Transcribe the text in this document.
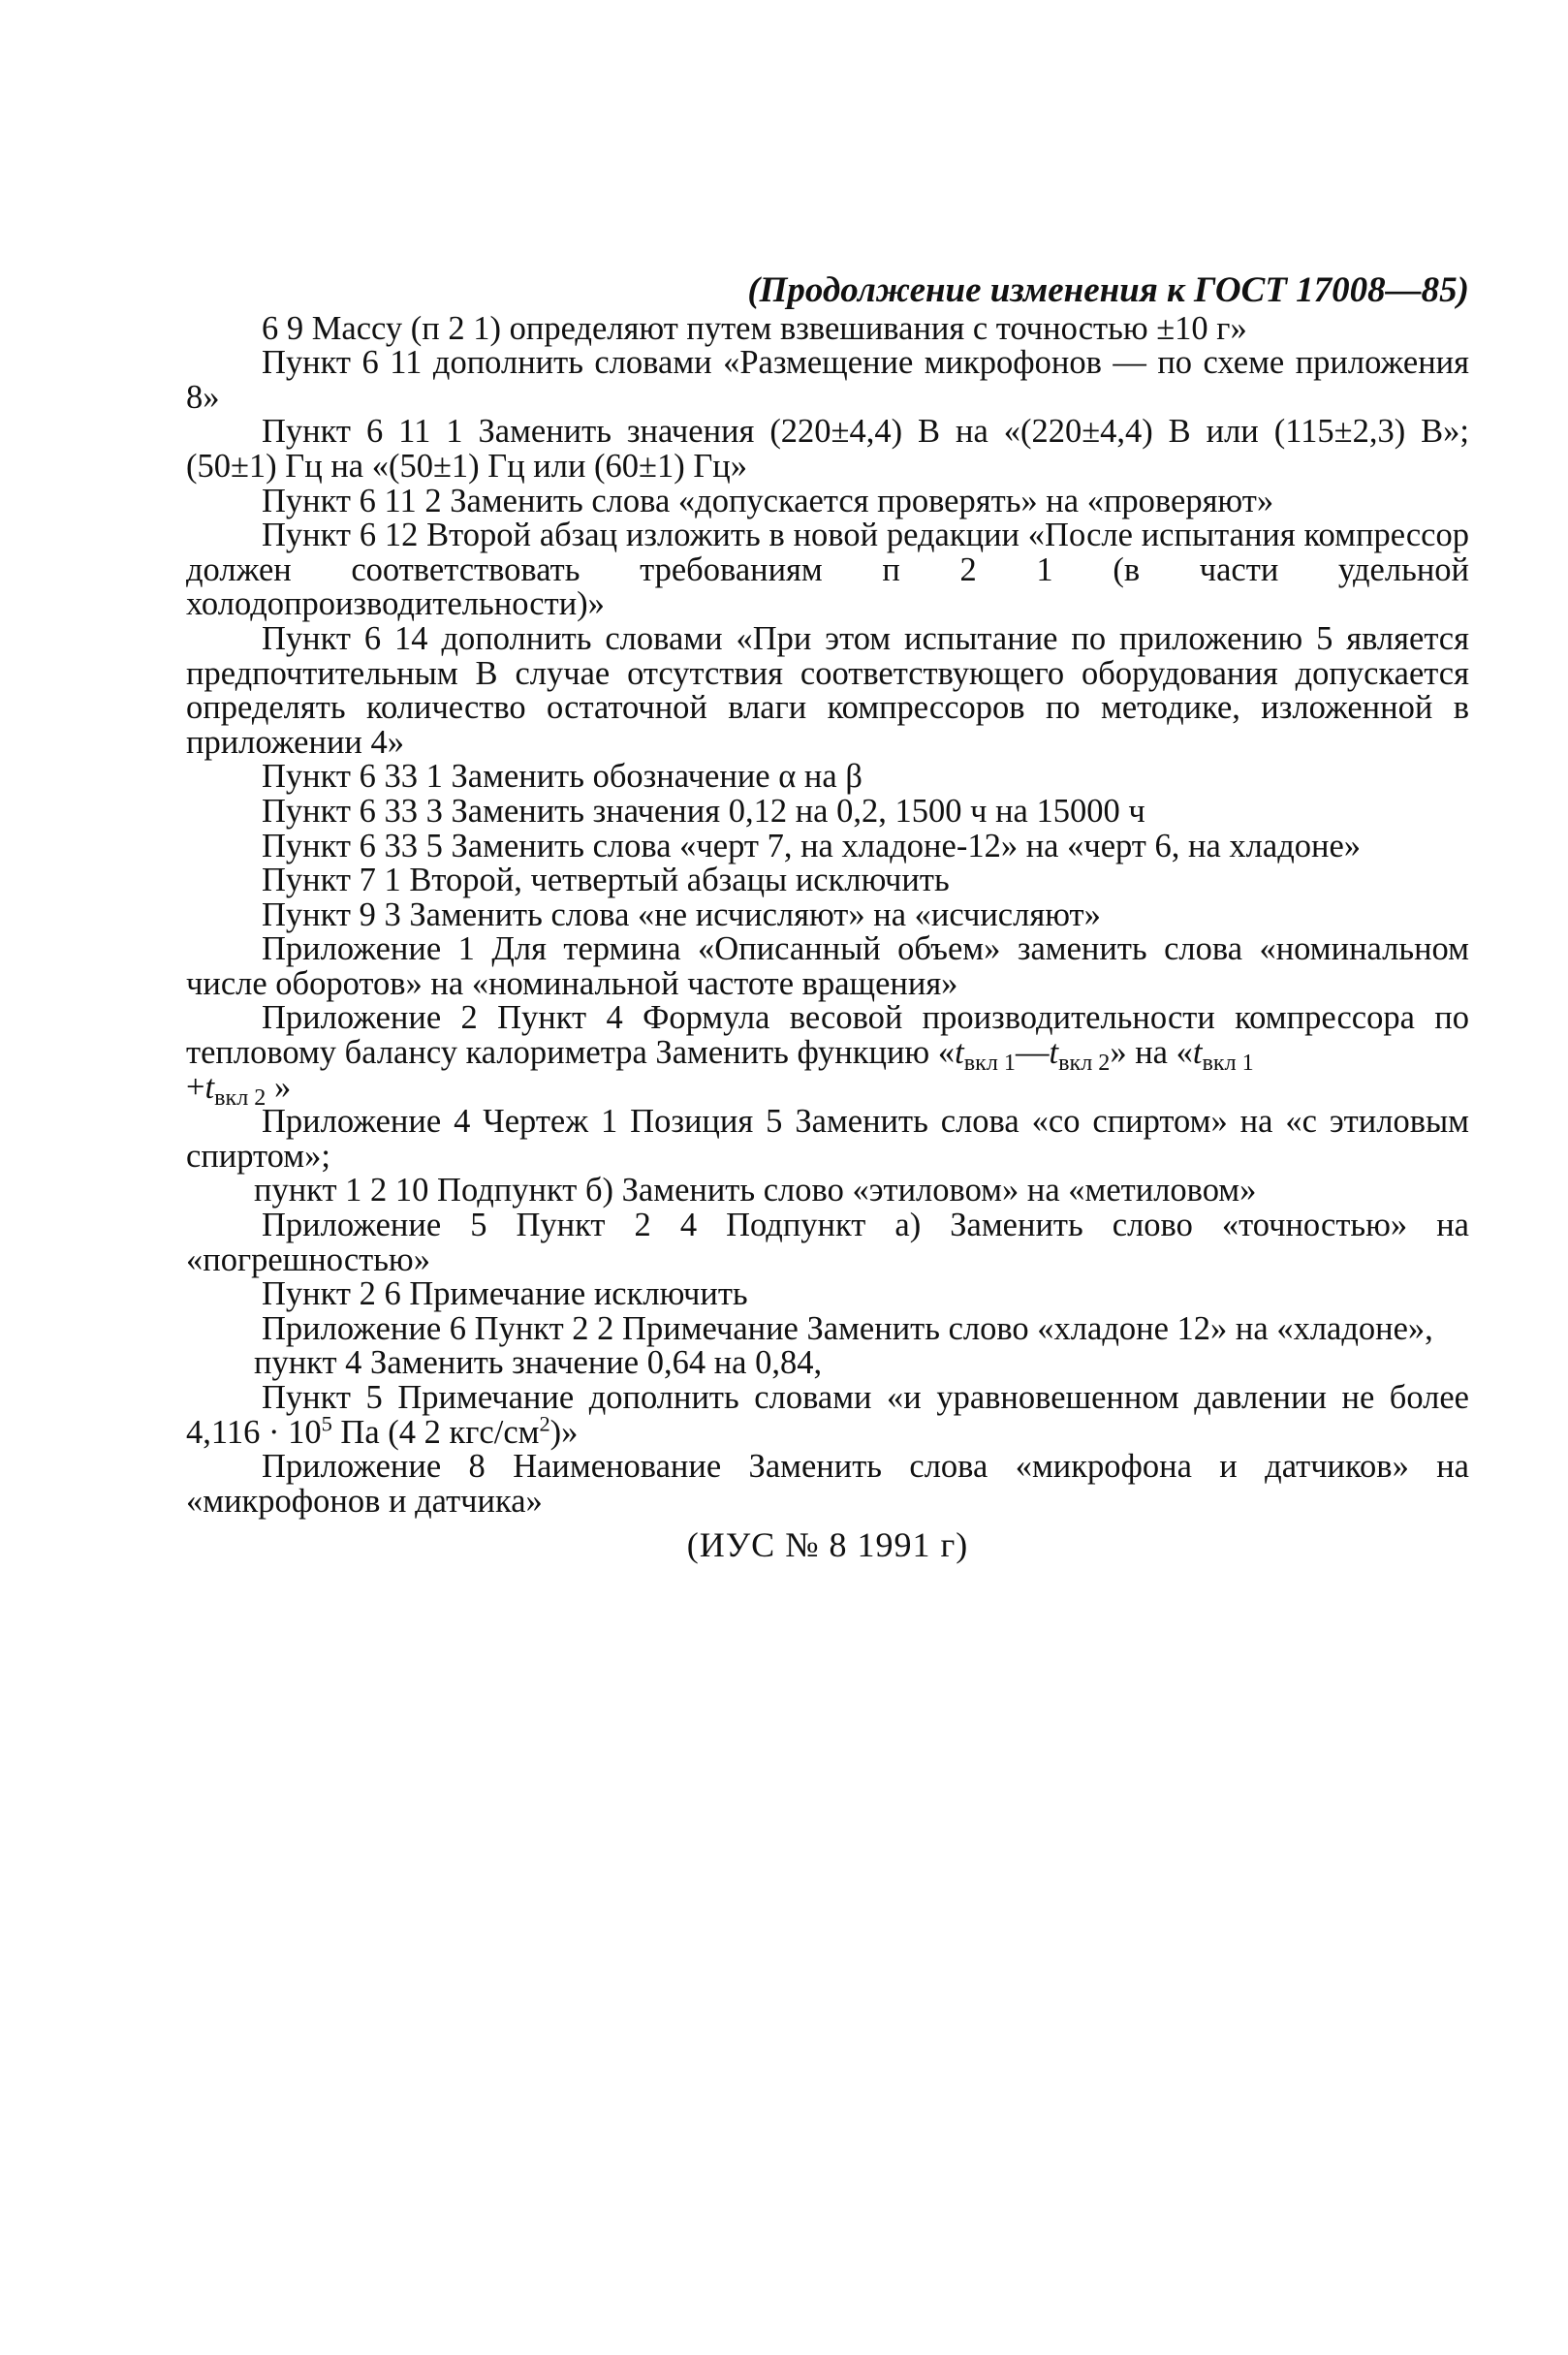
(Продолжение изменения к ГОСТ 17008—85)

6 9 Массу (п 2 1) определяют путем взвешивания с точностью ±10 г»

Пункт 6 11 дополнить словами «Размещение микрофонов — по схеме приложения 8»

Пункт 6 11 1 Заменить значения (220±4,4) В на «(220±4,4) В или (115±2,3) В»; (50±1) Гц на «(50±1) Гц или (60±1) Гц»

Пункт 6 11 2 Заменить слова «допускается проверять» на «проверяют»

Пункт 6 12 Второй абзац изложить в новой редакции «После испытания компрессор должен соответствовать требованиям п 2 1 (в части удельной холодопроизводительности)»

Пункт 6 14 дополнить словами «При этом испытание по приложению 5 является предпочтительным В случае отсутствия соответствующего оборудования допускается определять количество остаточной влаги компрессоров по методике, изложенной в приложении 4»

Пункт 6 33 1 Заменить обозначение α на β

Пункт 6 33 3 Заменить значения 0,12 на 0,2, 1500 ч на 15000 ч

Пункт 6 33 5 Заменить слова «черт 7, на хладоне-12» на «черт 6, на хладоне»

Пункт 7 1 Второй, четвертый абзацы исключить

Пункт 9 3 Заменить слова «не исчисляют» на «исчисляют»

Приложение 1 Для термина «Описанный объем» заменить слова «номинальном числе оборотов» на «номинальной частоте вращения»

Приложение 2 Пункт 4 Формула весовой производительности компрессора по тепловому балансу калориметра Заменить функцию «$t_{вкл 1}—t_{вкл 2}$» на «$t_{вкл 1}$
$+t_{вкл 2}$ »

Приложение 4 Чертеж 1 Позиция 5 Заменить слова «со спиртом» на «с этиловым спиртом»;

пункт 1 2 10 Подпункт б) Заменить слово «этиловом» на «метиловом»

Приложение 5 Пункт 2 4 Подпункт а) Заменить слово «точностью» на «погрешностью»

Пункт 2 6 Примечание исключить

Приложение 6 Пункт 2 2 Примечание Заменить слово «хладоне 12» на «хладоне»,

пункт 4 Заменить значение 0,64 на 0,84,

Пункт 5 Примечание дополнить словами «и уравновешенном давлении не более $4,116 \cdot 10^5$ Па (4 2 кгс/$см^2$)»

Приложение 8 Наименование Заменить слова «микрофона и датчиков» на «микрофонов и датчика»

(ИУС № 8 1991 г)
